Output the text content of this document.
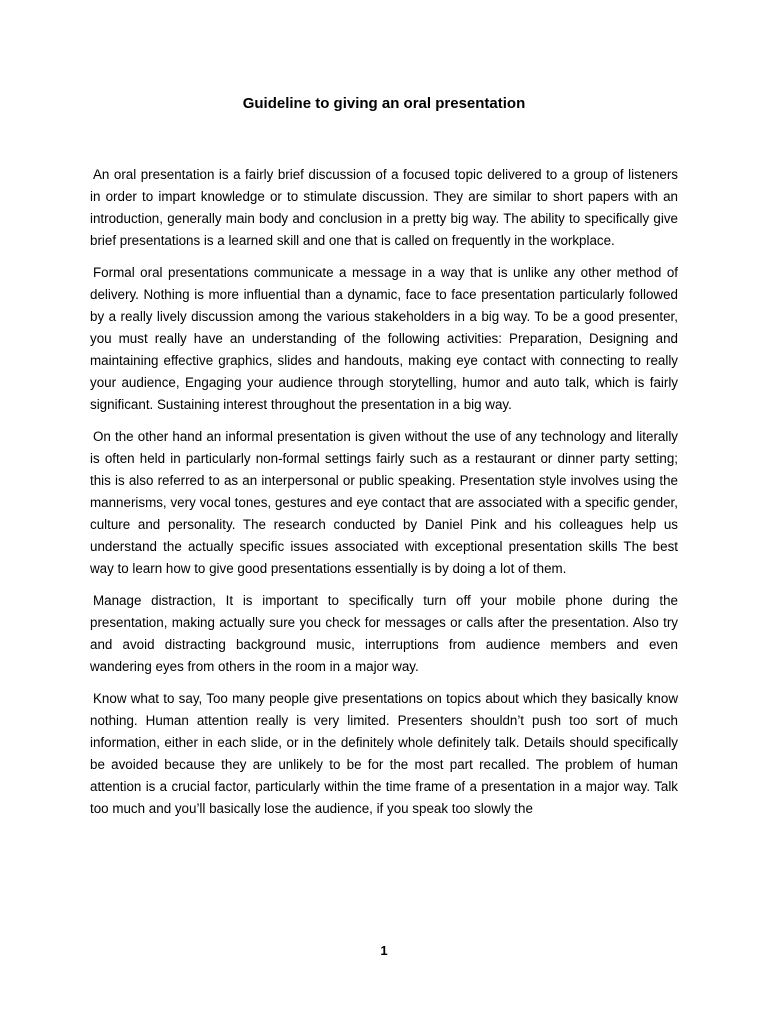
Guideline to giving an oral presentation

An oral presentation is a fairly brief discussion of a focused topic delivered to a group of listeners in order to impart knowledge or to stimulate discussion. They are similar to short papers with an introduction, generally main body and conclusion in a pretty big way. The ability to specifically give brief presentations is a learned skill and one that is called on frequently in the workplace.

Formal oral presentations communicate a message in a way that is unlike any other method of delivery. Nothing is more influential than a dynamic, face to face presentation particularly followed by a really lively discussion among the various stakeholders in a big way. To be a good presenter, you must really have an understanding of the following activities: Preparation, Designing and maintaining effective graphics, slides and handouts, making eye contact with connecting to really your audience, Engaging your audience through storytelling, humor and auto talk, which is fairly significant. Sustaining interest throughout the presentation in a big way.

On the other hand an informal presentation is given without the use of any technology and literally is often held in particularly non-formal settings fairly such as a restaurant or dinner party setting; this is also referred to as an interpersonal or public speaking. Presentation style involves using the mannerisms, very vocal tones, gestures and eye contact that are associated with a specific gender, culture and personality. The research conducted by Daniel Pink and his colleagues help us understand the actually specific issues associated with exceptional presentation skills The best way to learn how to give good presentations essentially is by doing a lot of them.

Manage distraction, It is important to specifically turn off your mobile phone during the presentation, making actually sure you check for messages or calls after the presentation. Also try and avoid distracting background music, interruptions from audience members and even wandering eyes from others in the room in a major way.

Know what to say, Too many people give presentations on topics about which they basically know nothing. Human attention really is very limited. Presenters shouldn’t push too sort of much information, either in each slide, or in the definitely whole definitely talk. Details should specifically be avoided because they are unlikely to be for the most part recalled. The problem of human attention is a crucial factor, particularly within the time frame of a presentation in a major way. Talk too much and you’ll basically lose the audience, if you speak too slowly the

1
